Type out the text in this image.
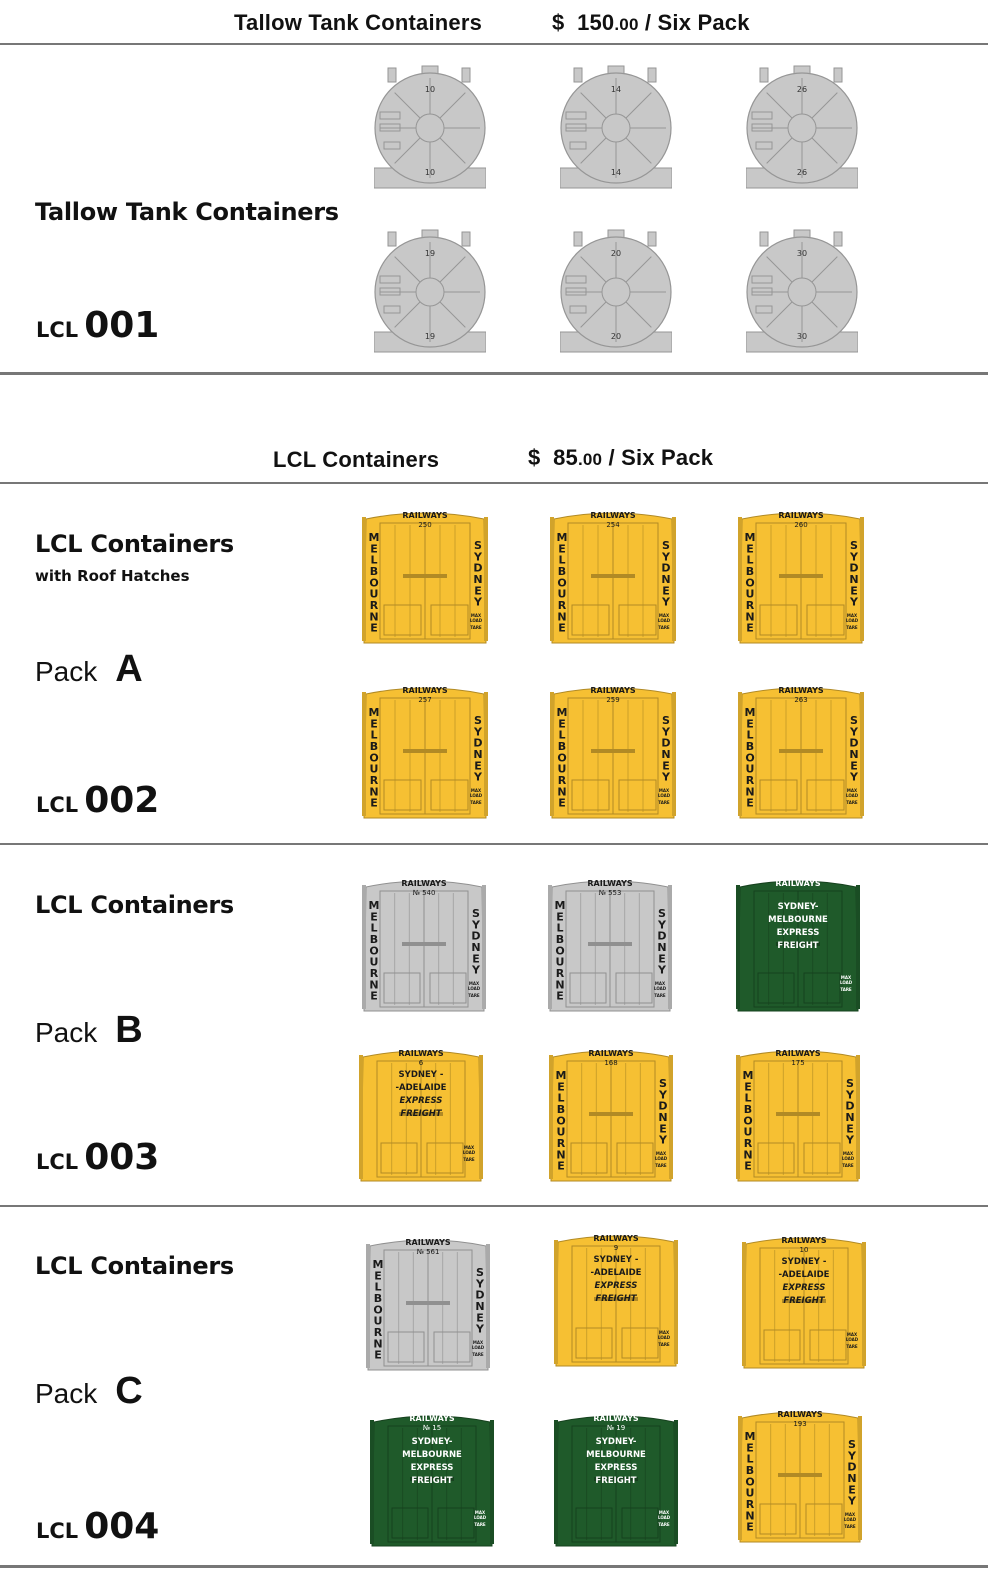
Tallow Tank Containers	$ 150.00 / Six Pack
Tallow Tank Containers
LCL 001
LCL Containers	$ 85.00 / Six Pack
LCL Containers
with Roof Hatches
Pack A
LCL 002
LCL Containers
Pack B
LCL 003
LCL Containers
Pack C
LCL 004
10
10
14
14
26
26
19
19
20
20
30
30
RAILWAYS
250
M
E
L
B
O
U
R
N
E
S
Y
D
N
E
Y
MAX
LOAD
TARE
RAILWAYS
254
M
E
L
B
O
U
R
N
E
S
Y
D
N
E
Y
MAX
LOAD
TARE
RAILWAYS
260
M
E
L
B
O
U
R
N
E
S
Y
D
N
E
Y
MAX
LOAD
TARE
RAILWAYS
257
M
E
L
B
O
U
R
N
E
S
Y
D
N
E
Y
MAX
LOAD
TARE
RAILWAYS
259
M
E
L
B
O
U
R
N
E
S
Y
D
N
E
Y
MAX
LOAD
TARE
RAILWAYS
263
M
E
L
B
O
U
R
N
E
S
Y
D
N
E
Y
MAX
LOAD
TARE
RAILWAYS
№ 540
M
E
L
B
O
U
R
N
E
S
Y
D
N
E
Y
MAX
LOAD
TARE
RAILWAYS
№ 553
M
E
L
B
O
U
R
N
E
S
Y
D
N
E
Y
MAX
LOAD
TARE
RAILWAYS
SYDNEY-
MELBOURNE
EXPRESS
FREIGHT
MAX
LOAD
TARE
RAILWAYS
6
SYDNEY -
-ADELAIDE
EXPRESS
FREIGHT
MAX
LOAD
TARE
RAILWAYS
168
M
E
L
B
O
U
R
N
E
S
Y
D
N
E
Y
MAX
LOAD
TARE
RAILWAYS
175
M
E
L
B
O
U
R
N
E
S
Y
D
N
E
Y
MAX
LOAD
TARE
RAILWAYS
№ 561
M
E
L
B
O
U
R
N
E
S
Y
D
N
E
Y
MAX
LOAD
TARE
RAILWAYS
9
SYDNEY -
-ADELAIDE
EXPRESS
FREIGHT
MAX
LOAD
TARE
RAILWAYS
10
SYDNEY -
-ADELAIDE
EXPRESS
FREIGHT
MAX
LOAD
TARE
RAILWAYS
№ 15
SYDNEY-
MELBOURNE
EXPRESS
FREIGHT
MAX
LOAD
TARE
RAILWAYS
№ 19
SYDNEY-
MELBOURNE
EXPRESS
FREIGHT
MAX
LOAD
TARE
RAILWAYS
193
M
E
L
B
O
U
R
N
E
S
Y
D
N
E
Y
MAX
LOAD
TARE
